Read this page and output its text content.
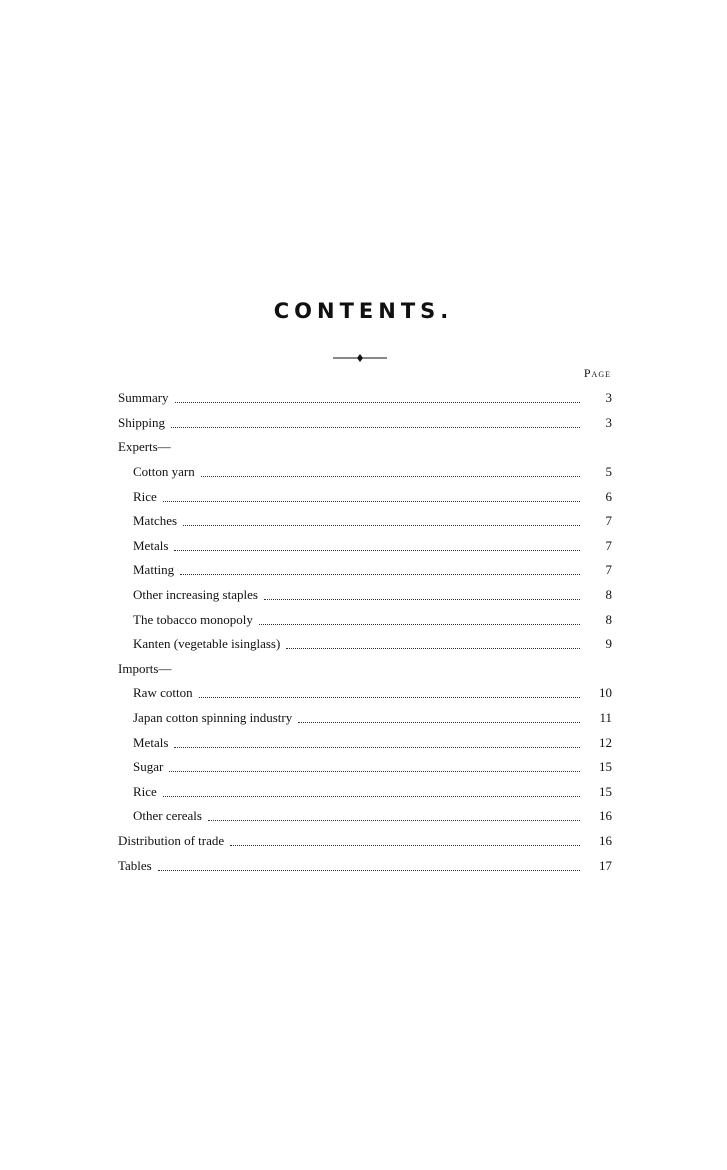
CONTENTS.
Page
Summary	3
Shipping	3
Experts—
Cotton yarn	5
Rice	6
Matches	7
Metals	7
Matting	7
Other increasing staples	8
The tobacco monopoly	8
Kanten (vegetable isinglass)	9
Imports—
Raw cotton	10
Japan cotton spinning industry	11
Metals	12
Sugar	15
Rice	15
Other cereals	16
Distribution of trade	16
Tables	17
